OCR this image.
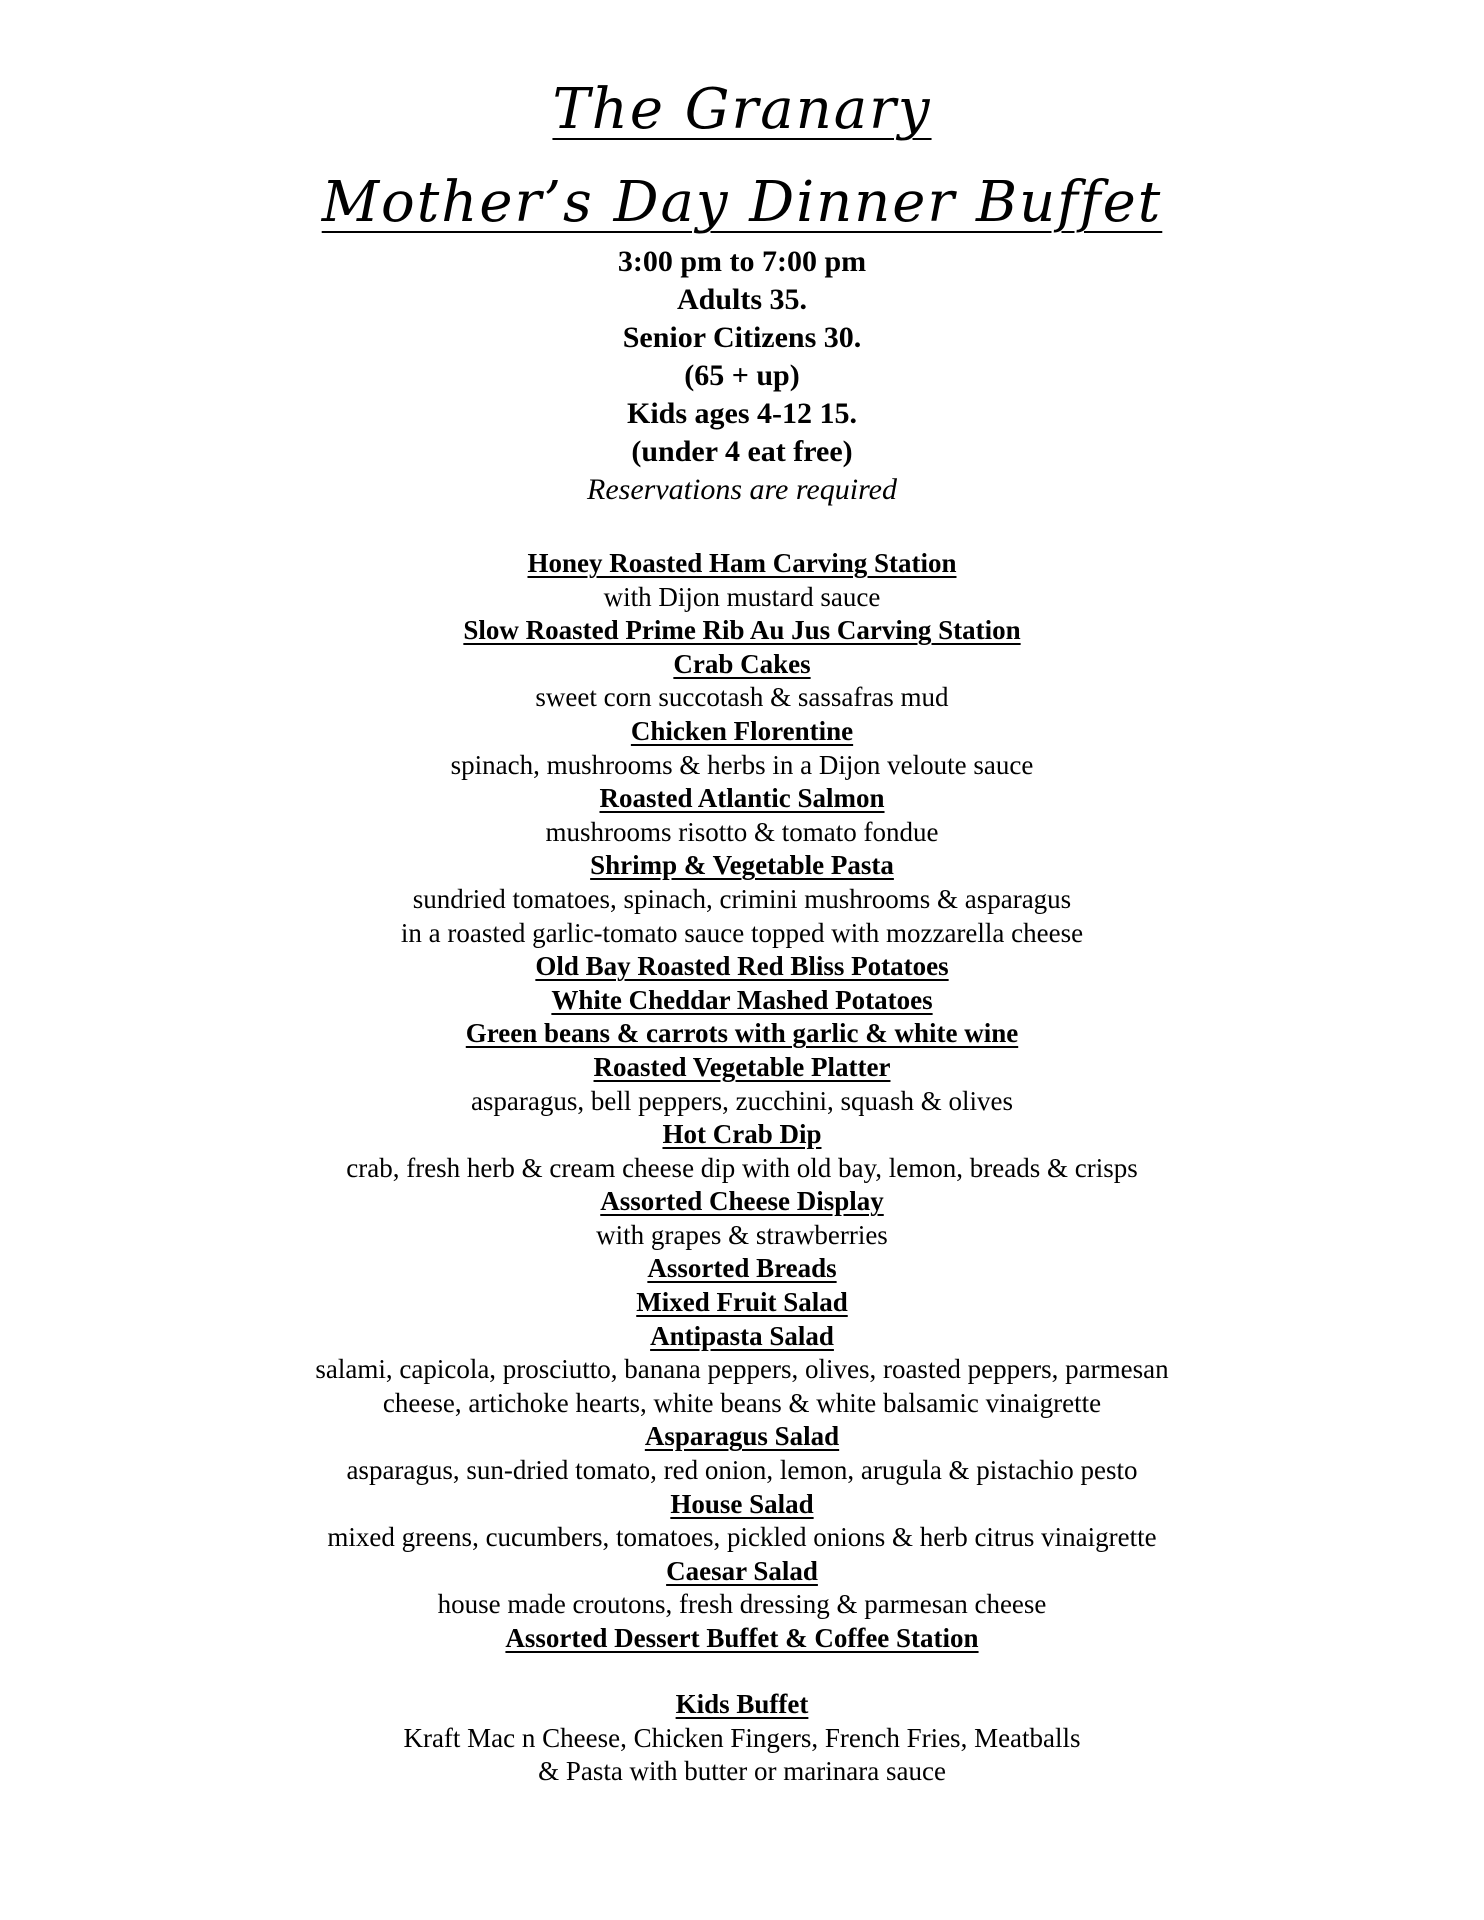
The Granary
Mother’s Day Dinner Buffet
3:00 pm to 7:00 pm
Adults 35.
Senior Citizens 30.
(65 + up)
Kids ages 4-12 15.
(under 4 eat free)
Reservations are required
Honey Roasted Ham Carving Station
with Dijon mustard sauce
Slow Roasted Prime Rib Au Jus Carving Station
Crab Cakes
sweet corn succotash & sassafras mud
Chicken Florentine
spinach, mushrooms & herbs in a Dijon veloute sauce
Roasted Atlantic Salmon
mushrooms risotto & tomato fondue
Shrimp & Vegetable Pasta
sundried tomatoes, spinach, crimini mushrooms & asparagus
in a roasted garlic-tomato sauce topped with mozzarella cheese
Old Bay Roasted Red Bliss Potatoes
White Cheddar Mashed Potatoes
Green beans & carrots with garlic & white wine
Roasted Vegetable Platter
asparagus, bell peppers, zucchini, squash & olives
Hot Crab Dip
crab, fresh herb & cream cheese dip with old bay, lemon, breads & crisps
Assorted Cheese Display
with grapes & strawberries
Assorted Breads
Mixed Fruit Salad
Antipasta Salad
salami, capicola, prosciutto, banana peppers, olives, roasted peppers, parmesan
cheese, artichoke hearts, white beans & white balsamic vinaigrette
Asparagus Salad
asparagus, sun-dried tomato, red onion, lemon, arugula & pistachio pesto
House Salad
mixed greens, cucumbers, tomatoes, pickled onions & herb citrus vinaigrette
Caesar Salad
house made croutons, fresh dressing & parmesan cheese
Assorted Dessert Buffet & Coffee Station
Kids Buffet
Kraft Mac n Cheese, Chicken Fingers, French Fries, Meatballs
& Pasta with butter or marinara sauce
